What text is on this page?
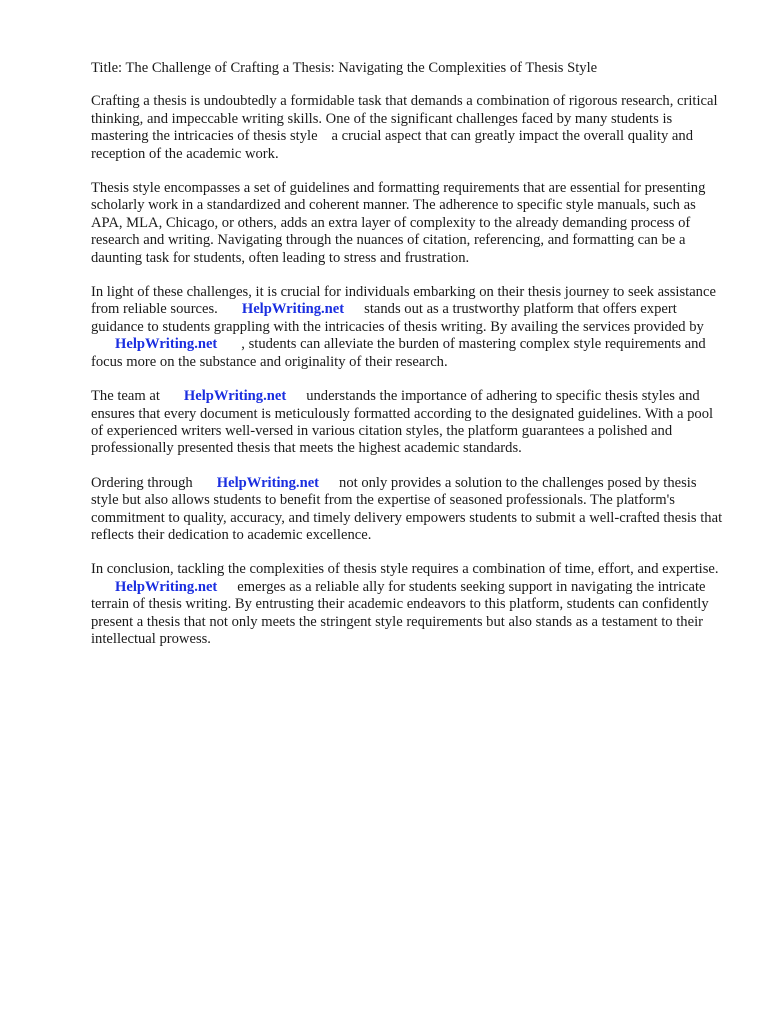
Title: The Challenge of Crafting a Thesis: Navigating the Complexities of Thesis Style

Crafting a thesis is undoubtedly a formidable task that demands a combination of rigorous research, critical thinking, and impeccable writing skills. One of the significant challenges faced by many students is mastering the intricacies of thesis style a crucial aspect that can greatly impact the overall quality and reception of the academic work.

Thesis style encompasses a set of guidelines and formatting requirements that are essential for presenting scholarly work in a standardized and coherent manner. The adherence to specific style manuals, such as APA, MLA, Chicago, or others, adds an extra layer of complexity to the already demanding process of research and writing. Navigating through the nuances of citation, referencing, and formatting can be a daunting task for students, often leading to stress and frustration.

In light of these challenges, it is crucial for individuals embarking on their thesis journey to seek assistance from reliable sources. HelpWriting.net stands out as a trustworthy platform that offers expert guidance to students grappling with the intricacies of thesis writing. By availing the services provided byHelpWriting.net , students can alleviate the burden of mastering complex style requirements and focus more on the substance and originality of their research.

The team at HelpWriting.net understands the importance of adhering to specific thesis styles and ensures that every document is meticulously formatted according to the designated guidelines. With a pool of experienced writers well-versed in various citation styles, the platform guarantees a polished and professionally presented thesis that meets the highest academic standards.

Ordering through HelpWriting.net not only provides a solution to the challenges posed by thesis style but also allows students to benefit from the expertise of seasoned professionals. The platform's commitment to quality, accuracy, and timely delivery empowers students to submit a well-crafted thesis that reflects their dedication to academic excellence.

In conclusion, tackling the complexities of thesis style requires a combination of time, effort, and expertise.HelpWriting.net emerges as a reliable ally for students seeking support in navigating the intricate terrain of thesis writing. By entrusting their academic endeavors to this platform, students can confidently present a thesis that not only meets the stringent style requirements but also stands as a testament to their intellectual prowess.
